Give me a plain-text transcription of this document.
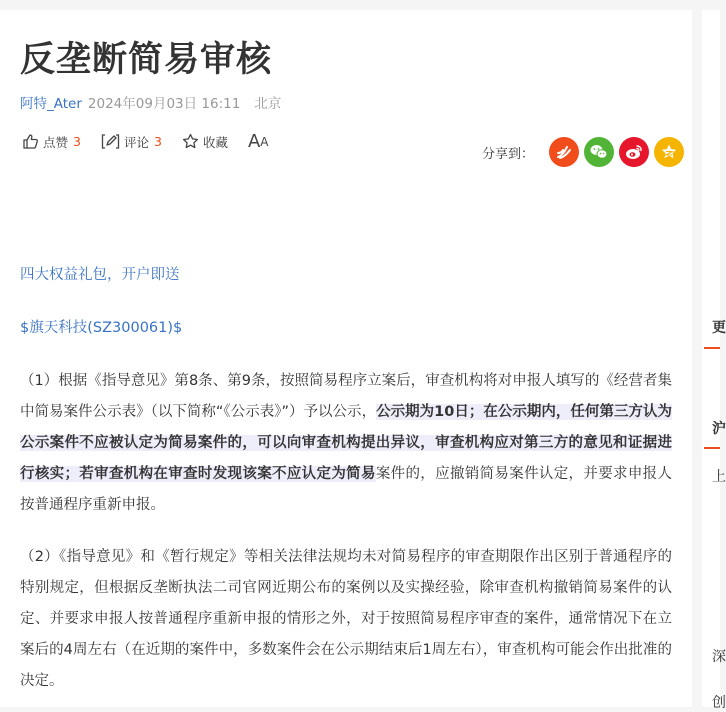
反垄断简易审核
阿特_Ater 2024年09月03日 16:11 北京
点赞 3	评论 3	收藏 A A
分享到：
四大权益礼包，开户即送
$旗天科技(SZ300061)$

（1）根据《指导意见》第8条、第9条，按照简易程序立案后，审查机构将对申报人填写的《经营者集中简易案件公示表》（以下简称“《公示表》”）予以公示，公示期为10日；在公示期内，任何第三方认为公示案件不应被认定为简易案件的，可以向审查机构提出异议，审查机构应对第三方的意见和证据进行核实；若审查机构在审查时发现该案不应认定为简易案件的，应撤销简易案件认定，并要求申报人按普通程序重新申报。

（2）《指导意见》和《暂行规定》等相关法律法规均未对简易程序的审查期限作出区别于普通程序的特别规定，但根据反垄断执法二司官网近期公布的案例以及实操经验，除审查机构撤销简易案件的认定、并要求申报人按普通程序重新申报的情形之外，对于按照简易程序审查的案件，通常情况下在立案后的4周左右（在近期的案件中，多数案件会在公示期结束后1周左右），审查机构可能会作出批准的决定。

更
沪
上
深
创
